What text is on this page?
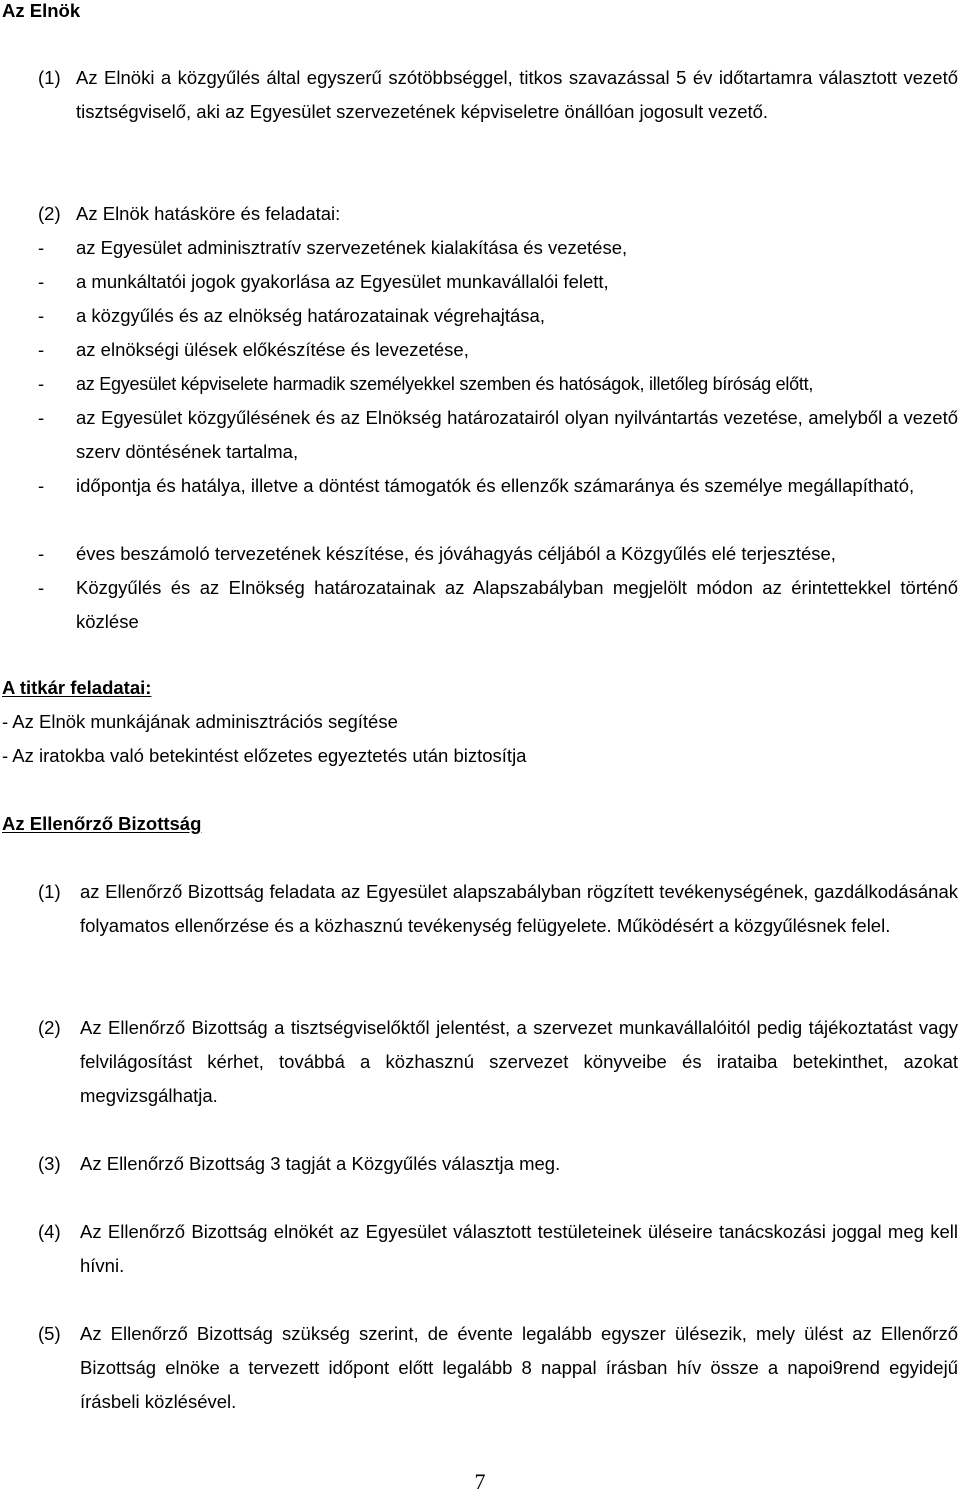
Az Elnök
(1) Az Elnöki a közgyűlés által egyszerű szótöbbséggel, titkos szavazással 5 év időtartamra választott vezető tisztségviselő, aki az Egyesület szervezetének képviseletre önállóan jogosult vezető.
(2) Az Elnök hatásköre és feladatai:
- az Egyesület adminisztratív szervezetének kialakítása és vezetése,
- a munkáltatói jogok gyakorlása az Egyesület munkavállalói felett,
- a közgyűlés és az elnökség határozatainak végrehajtása,
- az elnökségi ülések előkészítése és levezetése,
- az Egyesület képviselete harmadik személyekkel szemben és hatóságok, illetőleg bíróság előtt,
- az Egyesület közgyűlésének és az Elnökség határozatairól olyan nyilvántartás vezetése, amelyből a vezető szerv döntésének tartalma,
- időpontja és hatálya, illetve a döntést támogatók és ellenzők számaránya és személye megállapítható,
- éves beszámoló tervezetének készítése, és jóváhagyás céljából a Közgyűlés elé terjesztése,
- Közgyűlés és az Elnökség határozatainak az Alapszabályban megjelölt módon az érintettekkel történő közlése
A titkár feladatai:
- Az Elnök munkájának adminisztrációs segítése
- Az iratokba való betekintést előzetes egyeztetés után biztosítja
Az Ellenőrző Bizottság
(1) az Ellenőrző Bizottság feladata az Egyesület alapszabályban rögzített tevékenységének, gazdálkodásának folyamatos ellenőrzése és a közhasznú tevékenység felügyelete. Működésért a közgyűlésnek felel.
(2) Az Ellenőrző Bizottság a tisztségviselőktől jelentést, a szervezet munkavállalóitól pedig tájékoztatást vagy felvilágosítást kérhet, továbbá a közhasznú szervezet könyveibe és irataiba betekinthet, azokat megvizsgálhatja.
(3) Az Ellenőrző Bizottság 3 tagját a Közgyűlés választja meg.
(4) Az Ellenőrző Bizottság elnökét az Egyesület választott testületeinek üléseire tanácskozási joggal meg kell hívni.
(5) Az Ellenőrző Bizottság szükség szerint, de évente legalább egyszer ülésezik, mely ülést az Ellenőrző Bizottság elnöke a tervezett időpont előtt legalább 8 nappal írásban hív össze a napoi9rend egyidejű írásbeli közlésével.
7
